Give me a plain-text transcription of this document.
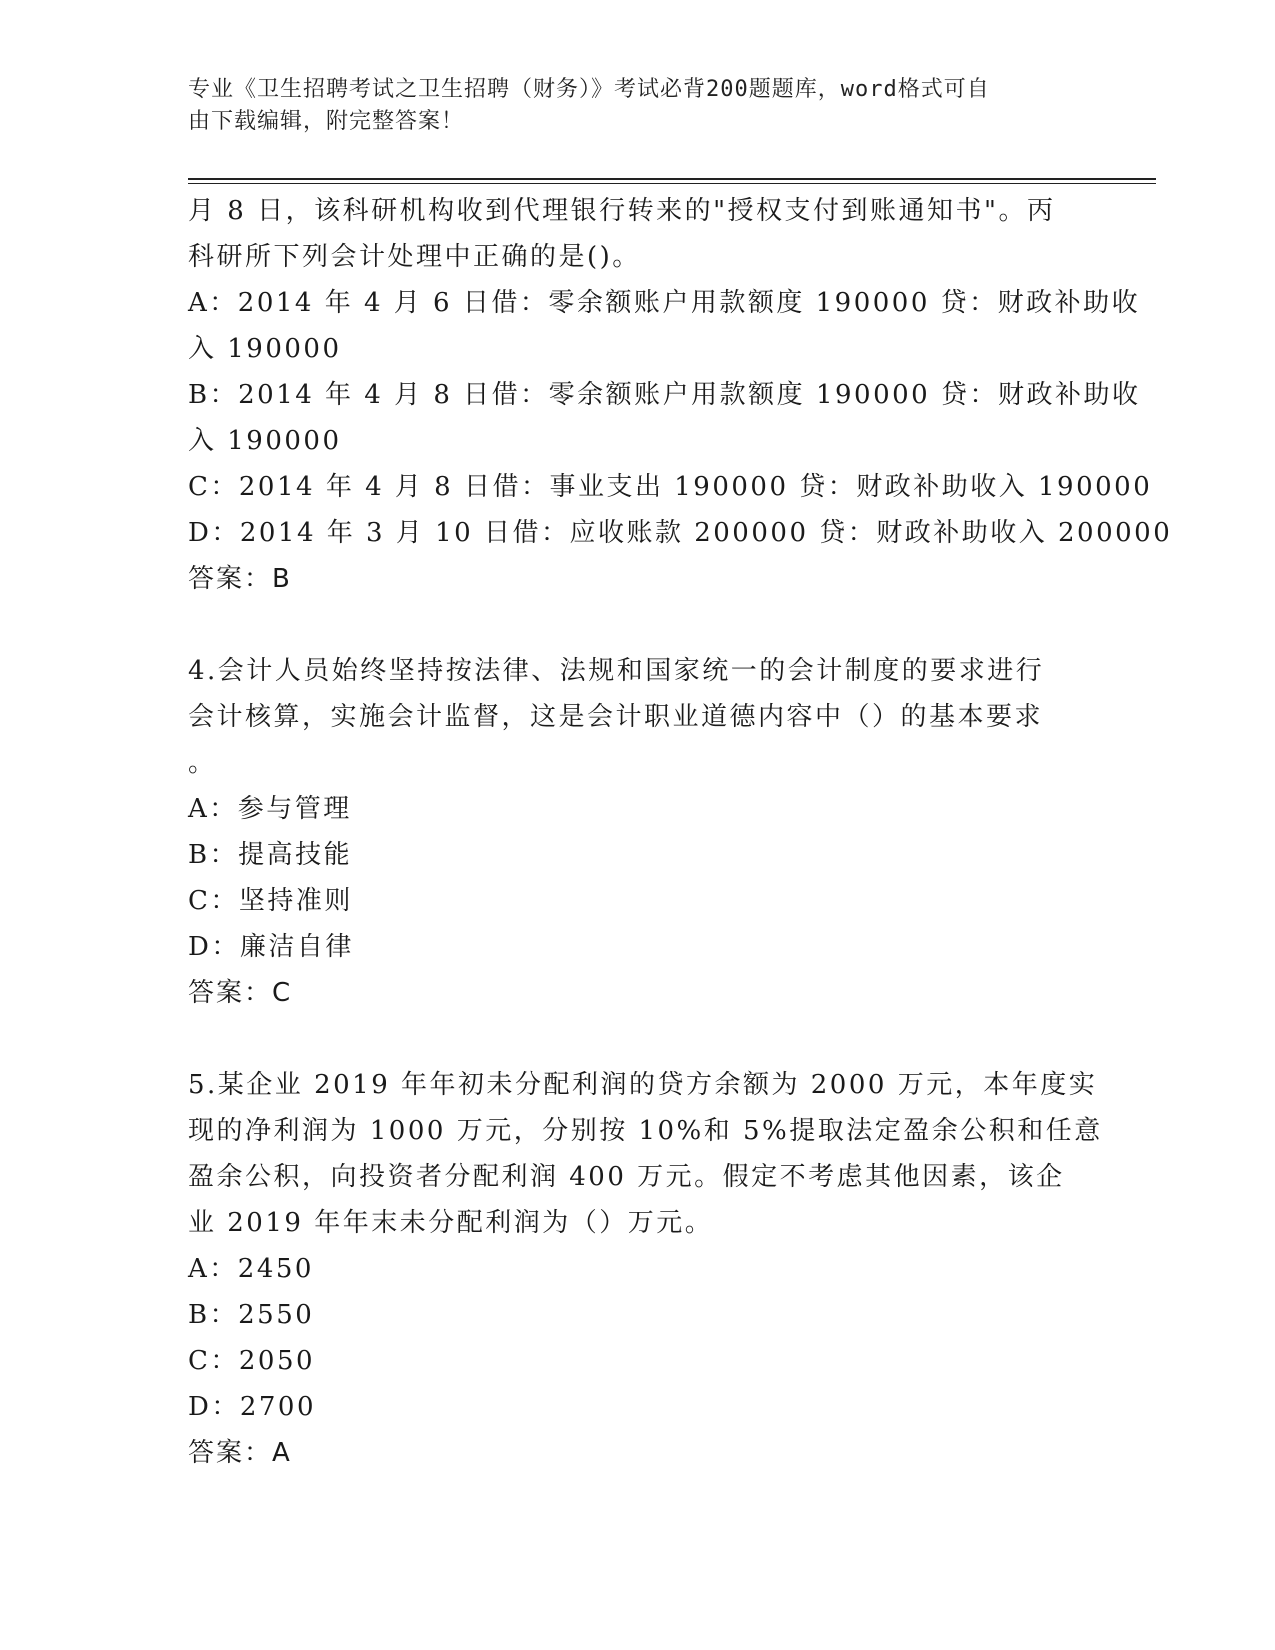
专业《卫生招聘考试之卫生招聘（财务）》考试必背200题题库，word格式可自
由下载编辑，附完整答案！
月 8 日，该科研机构收到代理银行转来的"授权支付到账通知书"。丙
科研所下列会计处理中正确的是()。
A：2014 年 4 月 6 日借：零余额账户用款额度 190000 贷：财政补助收
入 190000
B：2014 年 4 月 8 日借：零余额账户用款额度 190000 贷：财政补助收
入 190000
C：2014 年 4 月 8 日借：事业支出 190000 贷：财政补助收入 190000
D：2014 年 3 月 10 日借：应收账款 200000 贷：财政补助收入 200000
答案：B
4.会计人员始终坚持按法律、法规和国家统一的会计制度的要求进行
会计核算，实施会计监督，这是会计职业道德内容中（）的基本要求
。
A：参与管理
B：提高技能
C：坚持准则
D：廉洁自律
答案：C
5.某企业 2019 年年初未分配利润的贷方余额为 2000 万元，本年度实
现的净利润为 1000 万元，分别按 10%和 5%提取法定盈余公积和任意
盈余公积，向投资者分配利润 400 万元。假定不考虑其他因素，该企
业 2019 年年末未分配利润为（）万元。
A：2450
B：2550
C：2050
D：2700
答案：A
